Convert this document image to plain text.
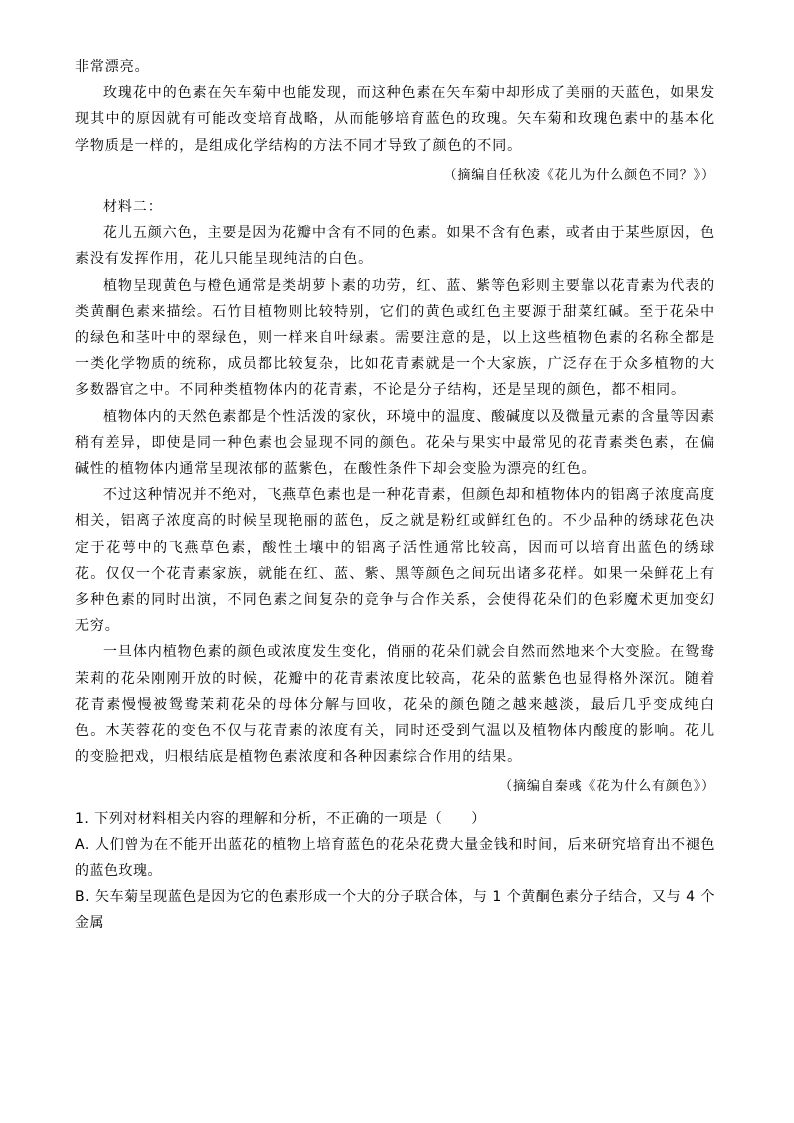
非常漂亮。

玫瑰花中的色素在矢车菊中也能发现，而这种色素在矢车菊中却形成了美丽的天蓝色，如果发现其中的原因就有可能改变培育战略，从而能够培育蓝色的玫瑰。矢车菊和玫瑰色素中的基本化学物质是一样的，是组成化学结构的方法不同才导致了颜色的不同。

（摘编自任秋凌《花儿为什么颜色不同？》）

材料二：

花儿五颜六色，主要是因为花瓣中含有不同的色素。如果不含有色素，或者由于某些原因，色素没有发挥作用，花儿只能呈现纯洁的白色。

植物呈现黄色与橙色通常是类胡萝卜素的功劳，红、蓝、紫等色彩则主要靠以花青素为代表的类黄酮色素来描绘。石竹目植物则比较特别，它们的黄色或红色主要源于甜菜红碱。至于花朵中的绿色和茎叶中的翠绿色，则一样来自叶绿素。需要注意的是，以上这些植物色素的名称全都是一类化学物质的统称，成员都比较复杂，比如花青素就是一个大家族，广泛存在于众多植物的大多数器官之中。不同种类植物体内的花青素，不论是分子结构，还是呈现的颜色，都不相同。

植物体内的天然色素都是个性活泼的家伙，环境中的温度、酸碱度以及微量元素的含量等因素稍有差异，即使是同一种色素也会显现不同的颜色。花朵与果实中最常见的花青素类色素，在偏碱性的植物体内通常呈现浓郁的蓝紫色，在酸性条件下却会变脸为漂亮的红色。

不过这种情况并不绝对，飞燕草色素也是一种花青素，但颜色却和植物体内的铝离子浓度高度相关，铝离子浓度高的时候呈现艳丽的蓝色，反之就是粉红或鲜红色的。不少品种的绣球花色决定于花萼中的飞燕草色素，酸性土壤中的铝离子活性通常比较高，因而可以培育出蓝色的绣球花。仅仅一个花青素家族，就能在红、蓝、紫、黑等颜色之间玩出诸多花样。如果一朵鲜花上有多种色素的同时出演，不同色素之间复杂的竞争与合作关系，会使得花朵们的色彩魔术更加变幻无穷。

一旦体内植物色素的颜色或浓度发生变化，俏丽的花朵们就会自然而然地来个大变脸。在鸳鸯茉莉的花朵刚刚开放的时候，花瓣中的花青素浓度比较高，花朵的蓝紫色也显得格外深沉。随着花青素慢慢被鸳鸯茉莉花朵的母体分解与回收，花朵的颜色随之越来越淡，最后几乎变成纯白色。木芙蓉花的变色不仅与花青素的浓度有关，同时还受到气温以及植物体内酸度的影响。花儿的变脸把戏，归根结底是植物色素浓度和各种因素综合作用的结果。

（摘编自秦彧《花为什么有颜色》）

1. 下列对材料相关内容的理解和分析，不正确的一项是（　　）

A. 人们曾为在不能开出蓝花的植物上培育蓝色的花朵花费大量金钱和时间，后来研究培育出不褪色的蓝色玫瑰。

B. 矢车菊呈现蓝色是因为它的色素形成一个大的分子联合体，与 1 个黄酮色素分子结合，又与 4 个金属
